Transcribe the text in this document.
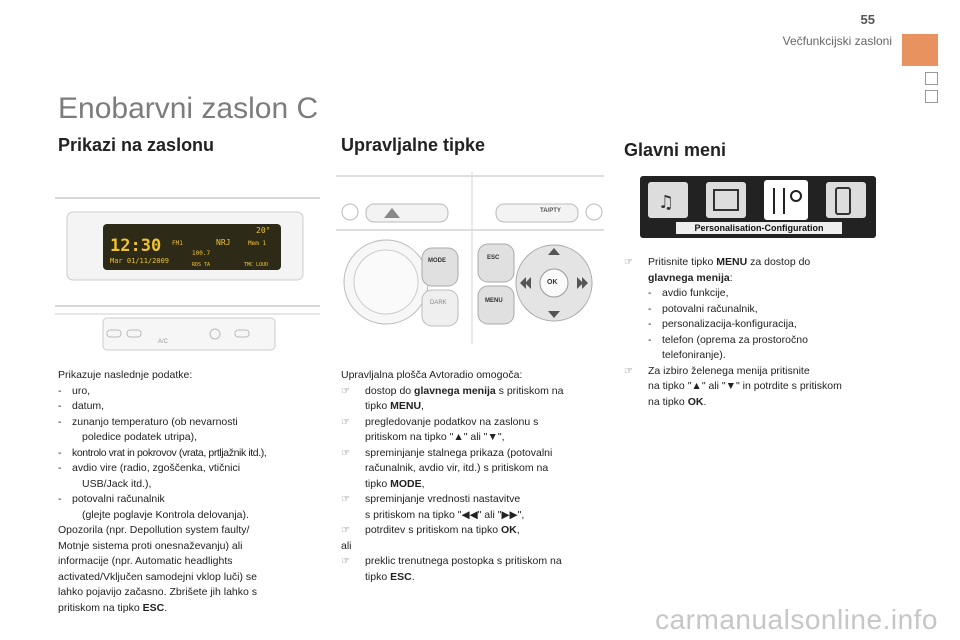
55
Večfunkcijski zasloni
Enobarvni zaslon C
Prikazi na zaslonu
12:30
Mar 01/11/2009
20°
FM1	NRJ	Mem 1
100.7
RDS TA	TMC LOUD
A/C
Prikazuje naslednje podatke:
- uro,
- datum,
- zunanjo temperaturo (ob nevarnosti
poledice podatek utripa),
- kontrolo vrat in pokrovov (vrata, prtljažnik itd.),
- avdio vire (radio, zgoščenka, vtičnici
USB/Jack itd.),
- potovalni računalnik
(glejte poglavje Kontrola delovanja).
Opozorila (npr. Depollution system faulty/
Motnje sistema proti onesnaževanju) ali
informacije (npr. Automatic headlights
activated/Vključen samodejni vklop luči) se
lahko pojavijo začasno. Zbrišete jih lahko s
pritiskom na tipko ESC.
Upravljalne tipke
TA/PTY
MODE
DARK
ESC
MENU
OK
Upravljalna plošča Avtoradio omogoča:
☞ dostop do glavnega menija s pritiskom na
tipko MENU,
☞ pregledovanje podatkov na zaslonu s
pritiskom na tipko "▲" ali "▼",
☞ spreminjanje stalnega prikaza (potovalni
računalnik, avdio vir, itd.) s pritiskom na
tipko MODE,
☞ spreminjanje vrednosti nastavitve
s pritiskom na tipko "◀◀" ali "▶▶",
☞ potrditev s pritiskom na tipko OK,
ali
☞ preklic trenutnega postopka s pritiskom na
tipko ESC.
Glavni meni
♫
Personalisation-Configuration
☞ Pritisnite tipko MENU za dostop do
glavnega menija:
- avdio funkcije,
- potovalni računalnik,
- personalizacija-konfiguracija,
- telefon (oprema za prostoročno
telefoniranje).
☞ Za izbiro želenega menija pritisnite
na tipko "▲" ali "▼" in potrdite s pritiskom
na tipko OK.
carmanualsonline.info
